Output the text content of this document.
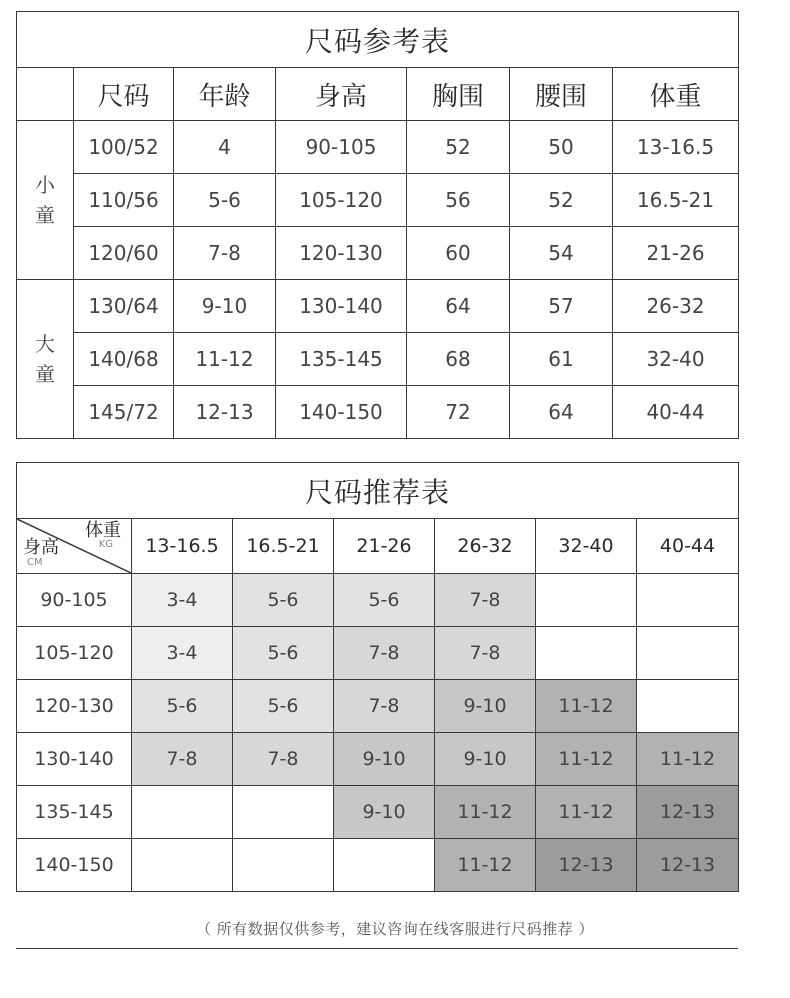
尺码参考表						
	尺码	年龄	身高	胸围	腰围	体重
小
童	100/52	4	90-105	52	50	13-16.5
	110/56	5-6	105-120	56	52	16.5-21
	120/60	7-8	120-130	60	54	21-26
大
童	130/64	9-10	130-140	64	57	26-32
	140/68	11-12	135-145	68	61	32-40
	145/72	12-13	140-150	72	64	40-44
尺码推荐表						

体重
KG
身高
CM	13-16.5	16.5-21	21-26	26-32	32-40	40-44
90-105	3-4	5-6	5-6	7-8		
105-120	3-4	5-6	7-8	7-8		
120-130	5-6	5-6	7-8	9-10	11-12	
130-140	7-8	7-8	9-10	9-10	11-12	11-12
135-145			9-10	11-12	11-12	12-13
140-150				11-12	12-13	12-13
（ 所有数据仅供参考，建议咨询在线客服进行尺码推荐 ）
